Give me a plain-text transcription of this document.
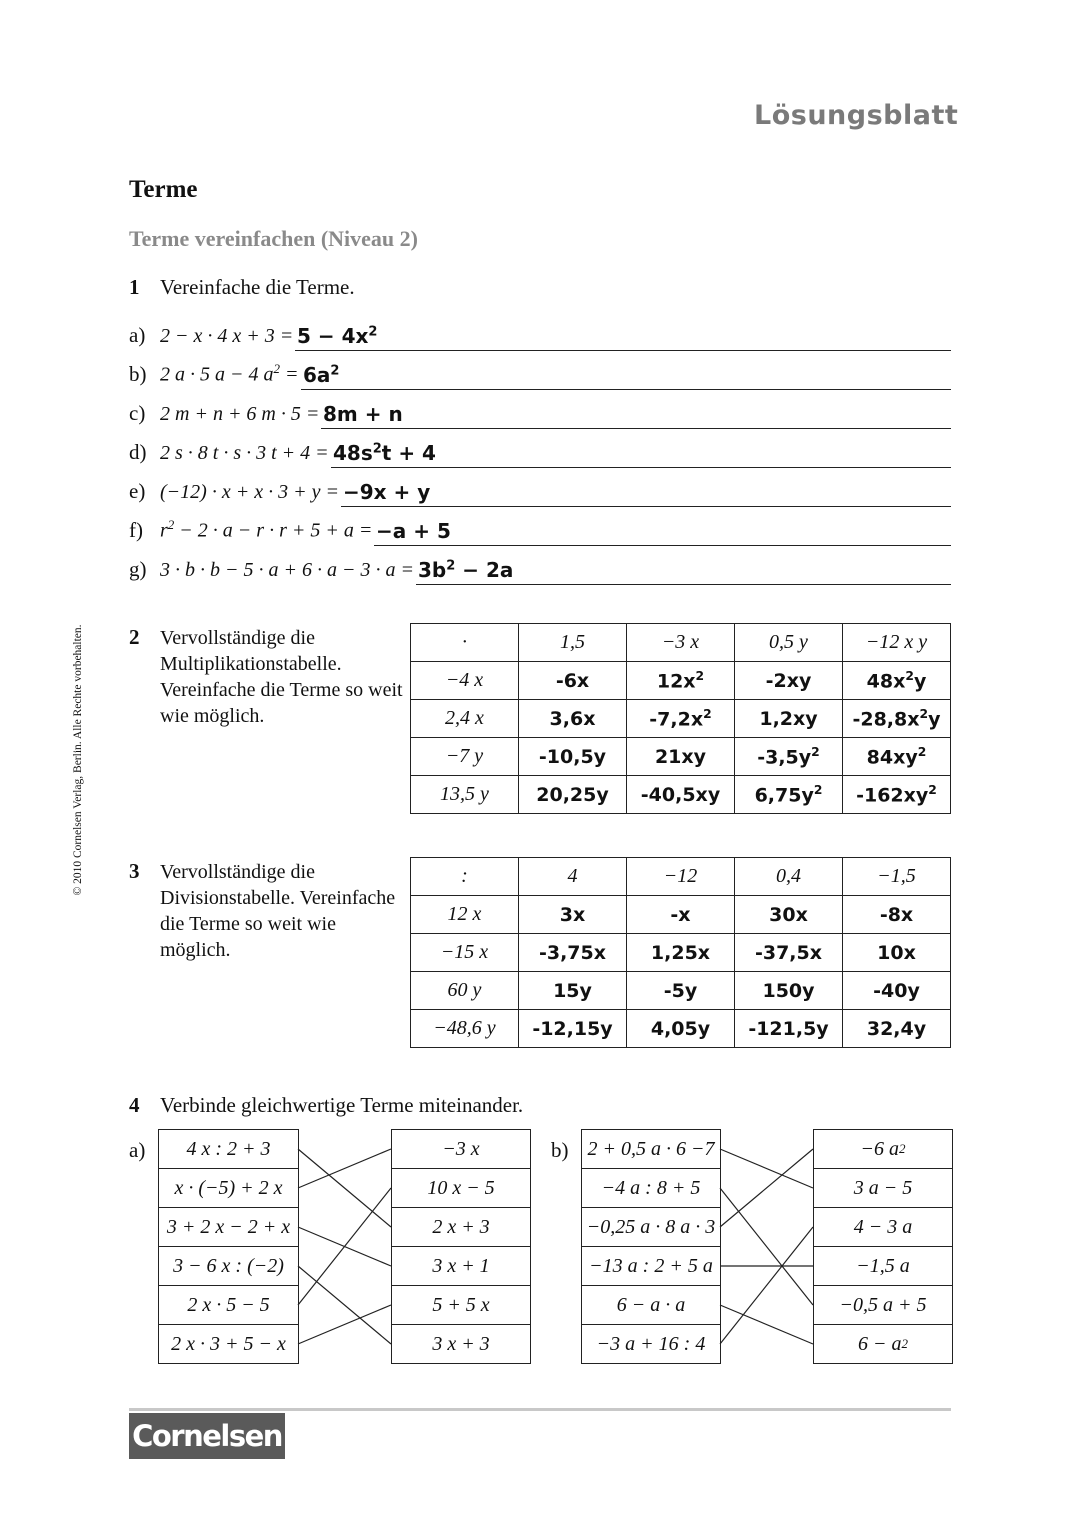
Lösungsblatt
Terme
Terme vereinfachen (Niveau 2)
© 2010 Cornelsen Verlag, Berlin. Alle Rechte vorbehalten.
1 Vereinfache die Terme.
a) 2 − x · 4 $x + 3 = 5 - 4x^2$
b) 2 a · 5 a − 4 $a^2 = 6a^2$
c) 2 m + n + 6 m · 5 = 8m + n
d) 2 s · 8 t · s · 3 $t + 4 = 48s^2t + 4$
e) (−12) · x + x · 3 + y = −9x + y
f) $r^2 - 2 \cdot a - r \cdot r + 5 + a = -a + 5$
g) $3 \cdot b \cdot b - 5 \cdot a + 6 \cdot a - 3 \cdot a = 3b^2 - 2a$
2	Vervollständige die Multiplikationstabelle. Vereinfache die Terme so weit wie möglich.
·	1,5	−3 x	0,5 y	−12 x y
−4 x	-6x	$12x^2$	-2xy	$48x^2y$
2,4 x	3,6x	$-7,2x^2$	1,2xy	$-28,8x^2y$
−7 y	-10,5y	21xy	$-3,5y^2$	$84xy^2$
13,5 y	20,25y	-40,5xy	$6,75y^2$	$-162xy^2$
3	Vervollständige die Divisionstabelle. Vereinfache die Terme so weit wie möglich.
:	4	−12	0,4	−1,5
12 x	3x	-x	30x	-8x
−15 x	-3,75x	1,25x	-37,5x	10x
60 y	15y	-5y	150y	-40y
−48,6 y	-12,15y	4,05y	-121,5y	32,4y
4 Verbinde gleichwertige Terme miteinander.
a)	b)
4 x : 2 + 3
x · (−5) + 2 x
3 + 2 x − 2 + x
3 − 6 x : (−2)
2 x · 5 − 5
2 x · 3 + 5 − x
−3 x
10 x − 5
2 x + 3
3 x + 1
5 + 5 x
3 x + 3
2 + 0,5 a · 6 −7
−4 a : 8 + 5
−0,25 a · 8 a · 3
−13 a : 2 + 5 a
6 − a · a
−3 a + 16 : 4
−6 a 2
3 a − 5
4 − 3 a
−1,5 a
−0,5 a + 5
6 − a 2
Cornelsen
